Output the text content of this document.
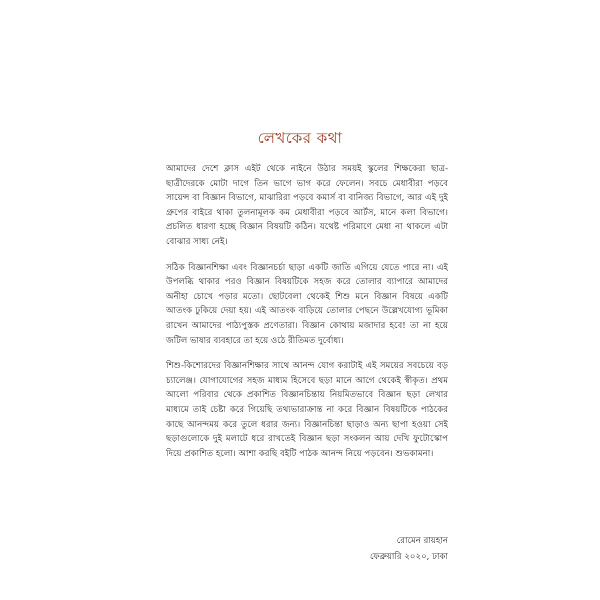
লেখকের কথা

আমাদের দেশে ক্লাস এইট থেকে নাইনে উঠার সময়ই স্কুলের শিক্ষকেরা ছাত্র-ছাত্রীদেরকে মোটা দাগে তিন ভাগে ভাগ করে ফেলেন। সবচে মেধাবীরা পড়বে সায়েন্স বা বিজ্ঞান বিভাগে, মাঝারিরা পড়বে কমার্স বা বানিজ্য বিভাগে, আর এই দুই গ্রুপের বাইরে থাকা তুলনামূলক কম মেধাবীরা পড়বে আর্টস, মানে কলা বিভাগে। প্রচলিত ধারণা হচ্ছে বিজ্ঞান বিষয়টি কঠিন। যথেষ্ট পরিমাণে মেধা না থাকলে এটা বোঝার সাধ্য নেই।

সঠিক বিজ্ঞানশিক্ষা এবং বিজ্ঞানচর্চা ছাড়া একটি জাতি এগিয়ে যেতে পারে না। এই উপলব্ধি থাকার পরও বিজ্ঞান বিষয়টিকে সহজ করে তোলার ব্যাপারে আমাদের অনীহা চোখে পড়ার মতো। ছোটবেলা থেকেই শিশু মনে বিজ্ঞান বিষয়ে একটি আতংক ঢুকিয়ে দেয়া হয়। এই আতংক বাড়িয়ে তোলার পেছনে উল্লেখযোগ্য ভূমিকা রাখেন আমাদের পাঠ্যপুস্তক প্রণেতারা। বিজ্ঞান কোথায় মজাদার হবে! তা না হয়ে জটিল ভাষার ব্যবহারে তা হয়ে ওঠে রীতিমত দুর্বোধ্য।

শিশু-কিশোরদের বিজ্ঞানশিক্ষার সাথে আনন্দ যোগ করাটাই এই সময়ের সবচেয়ে বড় চ্যালেঞ্জ। যোগাযোগের সহজ মাধ্যম হিসেবে ছড়া মানে আগে থেকেই স্বীকৃত। প্রথম আলো পরিবার থেকে প্রকাশিত বিজ্ঞানচিন্তায় নিয়মিতভাবে বিজ্ঞান ছড়া লেখার মাধ্যমে তাই চেষ্টা করে গিয়েছি তথ্যভারাক্রান্ত না করে বিজ্ঞান বিষয়টিকে পাঠকের কাছে আনন্দময় করে তুলে ধরার জন্য। বিজ্ঞানচিন্তা ছাড়াও অন্য ছাপা হওয়া সেই ছড়াগুলোকে দুই মলাটে ধরে রাখতেই বিজ্ঞান ছড়া সংকলন আয় দেখি ফুটোস্কোপ দিয়ে প্রকাশিত হলো। আশা করছি বইটি পাঠক আনন্দ নিয়ে পড়বেন। শুভকামনা।

রোমেন রায়হান
ফেব্রুয়ারি ২০২০, ঢাকা
